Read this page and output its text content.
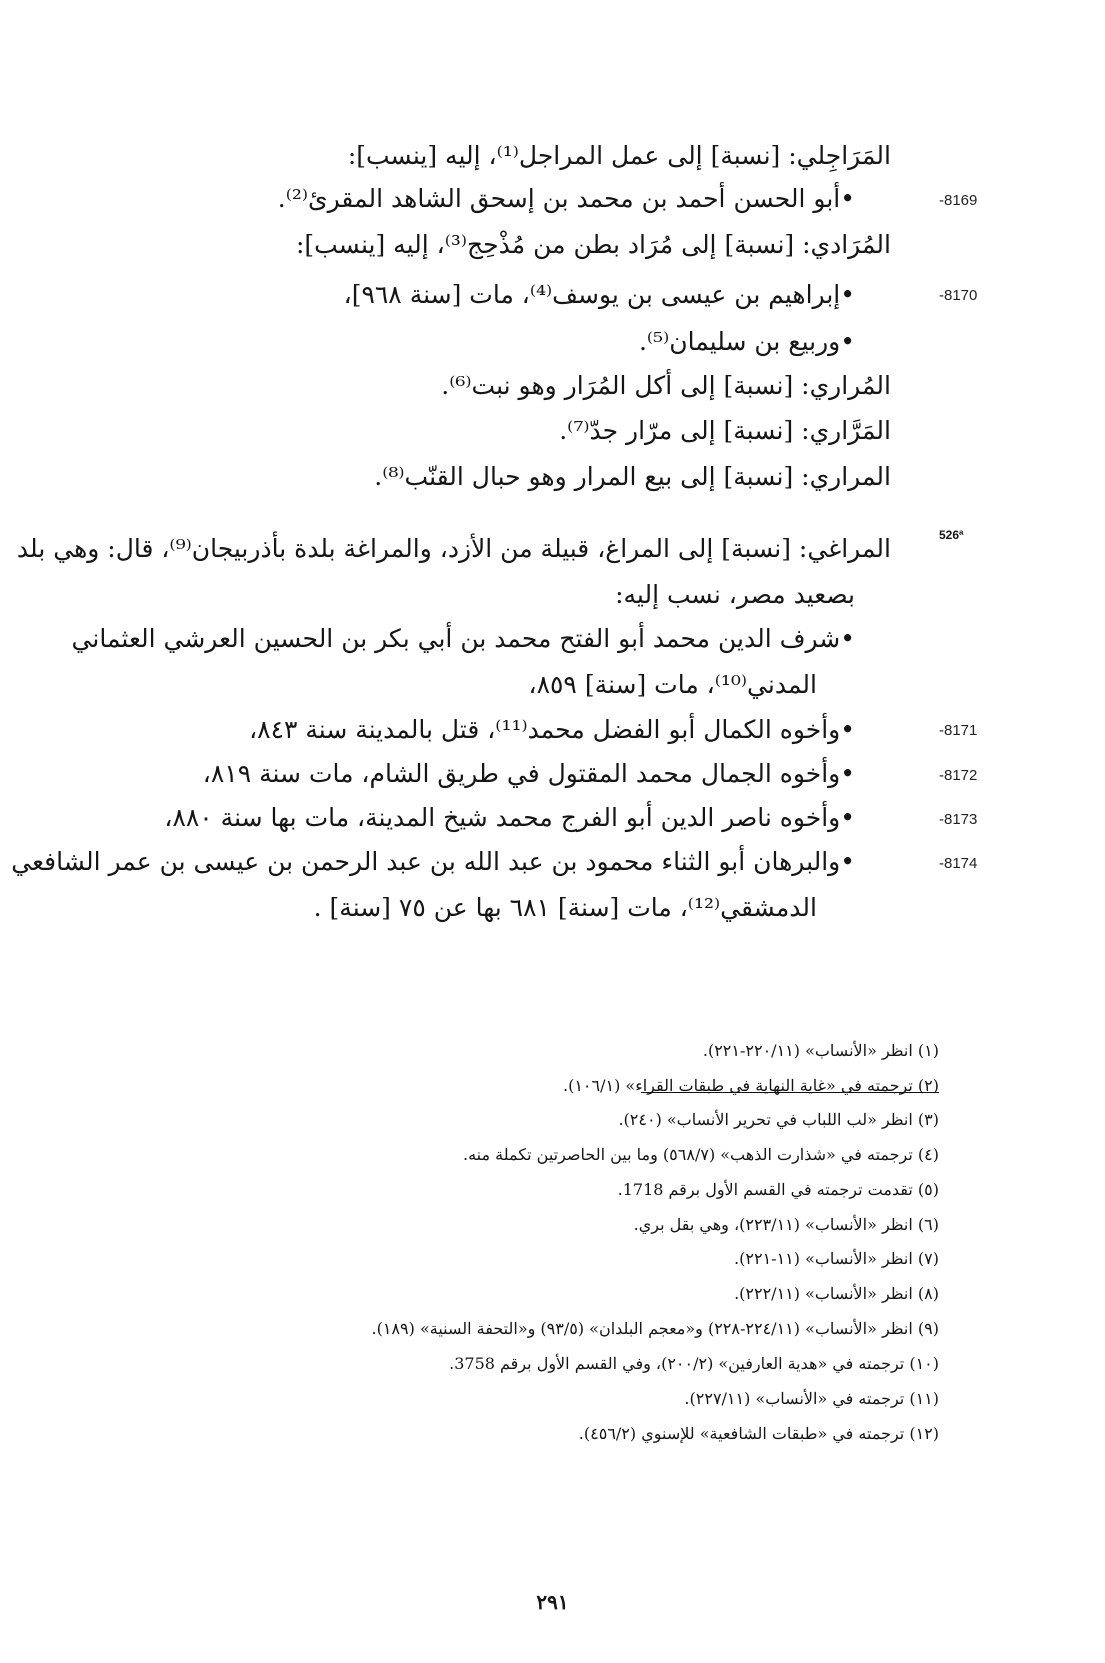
المَرَاجِلي: [نسبة] إلى عمل المراجل⁽¹⁾، إليه [ينسب]:
-8169
•أبو الحسن أحمد بن محمد بن إسحق الشاهد المقرئ⁽²⁾.
المُرَادي: [نسبة] إلى مُرَاد بطن من مُذْحِج⁽³⁾، إليه [ينسب]:
-8170
•إبراهيم بن عيسى بن يوسف⁽⁴⁾، مات [سنة ٩٦٨]،
•وربيع بن سليمان⁽⁵⁾.
المُراري: [نسبة] إلى أكل المُرَار وهو نبت⁽⁶⁾.
المَرَّاري: [نسبة] إلى مرّار جدّ⁽⁷⁾.
المراري: [نسبة] إلى بيع المرار وهو حبال القنّب⁽⁸⁾.
526ª
المراغي: [نسبة] إلى المراغ، قبيلة من الأزد، والمراغة بلدة بأذربيجان⁽⁹⁾، قال: وهي بلد
بصعيد مصر، نسب إليه:
•شرف الدين محمد أبو الفتح محمد بن أبي بكر بن الحسين العرشي العثماني
المدني⁽¹⁰⁾، مات [سنة] ٨٥٩،
-8171
•وأخوه الكمال أبو الفضل محمد⁽¹¹⁾، قتل بالمدينة سنة ٨٤٣،
-8172
•وأخوه الجمال محمد المقتول في طريق الشام، مات سنة ٨١٩،
-8173
•وأخوه ناصر الدين أبو الفرج محمد شيخ المدينة، مات بها سنة ٨٨٠،
-8174
•والبرهان أبو الثناء محمود بن عبد الله بن عبد الرحمن بن عيسى بن عمر الشافعي
الدمشقي⁽¹²⁾، مات [سنة] ٦٨١ بها عن ٧٥ [سنة] .
(١) انظر «الأنساب» (٢٢٠/١١-٢٢١).
(٢) ترجمته في «غاية النهاية في طبقات القراء» (١٠٦/١).
(٣) انظر «لب اللباب في تحرير الأنساب» (٢٤٠).
(٤) ترجمته في «شذارت الذهب» (٥٦٨/٧) وما بين الحاصرتين تكملة منه.
(٥) تقدمت ترجمته في القسم الأول برقم 1718.
(٦) انظر «الأنساب» (٢٢٣/١١)، وهي بقل بري.
(٧) انظر «الأنساب» (١١-٢٢١).
(٨) انظر «الأنساب» (٢٢٢/١١).
(٩) انظر «الأنساب» (٢٢٤/١١-٢٢٨) و«معجم البلدان» (٩٣/٥) و«التحفة السنية» (١٨٩).
(١٠) ترجمته في «هدية العارفين» (٢٠٠/٢)، وفي القسم الأول برقم 3758.
(١١) ترجمته في «الأنساب» (٢٢٧/١١).
(١٢) ترجمته في «طبقات الشافعية» للإسنوي (٤٥٦/٢).
٢٩١
